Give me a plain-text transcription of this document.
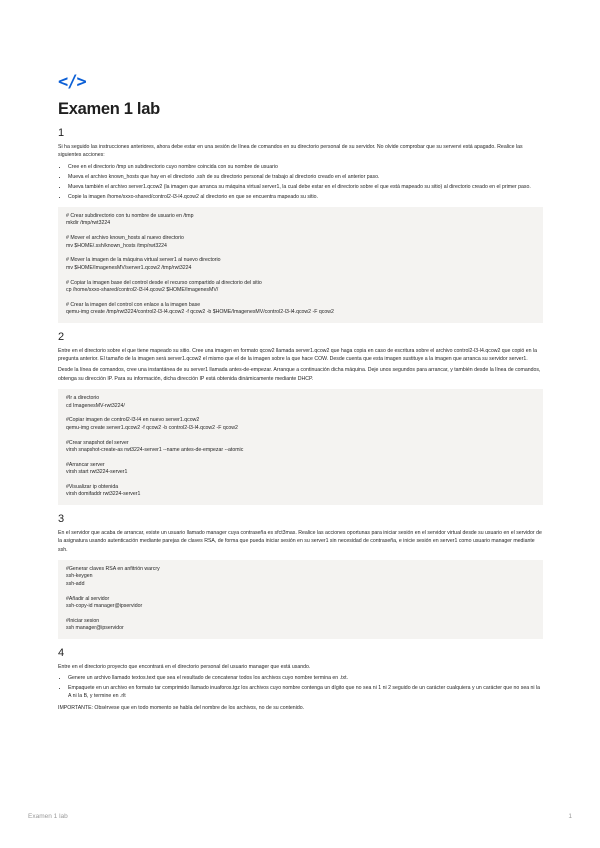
</>
Examen 1 lab
1

Si ha seguido las instrucciones anteriores, ahora debe estar en una sesión de línea de comandos en su directorio personal de su servidor. No olvide comprobar que su servervi está apagado. Realice las siguientes acciones:

• Cree en el directorio /tmp un subdirectorio cuyo nombre coincida con su nombre de usuario
• Mueva el archivo known_hosts que hay en el directorio .ssh de su directorio personal de trabajo al directorio creado en el anterior paso.
• Mueva también el archivo server1.qcow2 (la imagen que arranca su máquina virtual server1, la cual debe estar en el directorio sobre el que está mapeado su sitio) al directorio creado en el primer paso.
• Copie la imagen /home/sxxo-shared/control2-l3-l4.qcow2 al directorio en que se encuentra mapeado su sitio.
# Crear subdirectorio con tu nombre de usuario en /tmp
mkdir /tmp/rwt3224
# Mover el archivo known_hosts al nuevo directorio
mv $HOME/.ssh/known_hosts /tmp/rwt3224
# Mover la imagen de la máquina virtual server1 al nuevo directorio
mv $HOME/ImagenesMV/server1.qcow2 /tmp/rwt3224
# Copiar la imagen base del control desde el recurso compartido al directorio del sitio
cp /home/sxxo-shared/control2-l3-l4.qcow2 $HOME/ImagenesMV/
# Crear la imagen del control con enlace a la imagen base
qemu-img create /tmp/rwt3224/control2-l3-l4.qcow2 -f qcow2 -b $HOME/ImagenesMV/control2-l3-l4.qcow2 -F qcow2
2

Entre en el directorio sobre el que tiene mapeado su sitio. Cree una imagen en formato qcow2 llamada server1.qcow2 que haga copia en caso de escritura sobre el archivo control2-l3-l4.qcow2 que copió en la pregunta anterior. El tamaño de la imagen será server1.qcow2 el mismo que el de la imagen sobre la que hace COW. Desde cuenta que esta imagen sustituye a la imagen que arranca su servidor server1.

Desde la línea de comandos, cree una instantánea de su server1 llamada antes-de-empezar. Arranque a continuación dicha máquina. Deje unos segundos para arrancar, y también desde la línea de comandos, obtenga su dirección IP. Para su información, dicha dirección IP está obtenida dinámicamente mediante DHCP.

#Ir a directorio
cd ImagenesMV-rwt3224/
#Copiar imagen de control2-l3-l4 en nuevo server1.qcow2
qemu-img create server1.qcow2 -f qcow2 -b control2-l3-l4.qcow2 -F qcow2
#Crear snapshot del server
virsh snapshot-create-as rwt3224-server1 --name antes-de-empezar --atomic
#Arrancar server
virsh start rwt3224-server1
#Visualizar ip obtenida
virsh domifaddr rwt3224-server1
3

En el servidor que acaba de arrancar, existe un usuario llamado manager cuya contraseña es sfct3mas. Realice las acciones oportunas para iniciar sesión en el servidor virtual desde su usuario en el servidor de la asignatura usando autenticación mediante parejas de claves RSA, de forma que pueda iniciar sesión en su server1 sin necesidad de contraseña, e inicie sesión en server1 como usuario manager mediante ssh.

#Generar claves RSA en anfitrión warcry
ssh-keygen
ssh-add
#Añadir al servidor
ssh-copy-id manager@ipservidor
#Iniciar sesion
ssh manager@ipservidor
4

Entre en el directorio proyecto que encontrará en el directorio personal del usuario manager que está usando.

• Genere un archivo llamado textos.text que sea el resultado de concatenar todos los archivos cuyo nombre termina en .txt.
• Empaquete en un archivo en formato tar comprimido llamado inuaforos.tgz los archivos cuyo nombre contenga un dígito que no sea ni 1 ni 2 seguido de un carácter cualquiera y un carácter que no sea ni la A ni la B, y termine en .rlt

IMPORTANTE: Obsérvese que en todo momento se habla del nombre de los archivos, no de su contenido.

Examen 1 lab	1
